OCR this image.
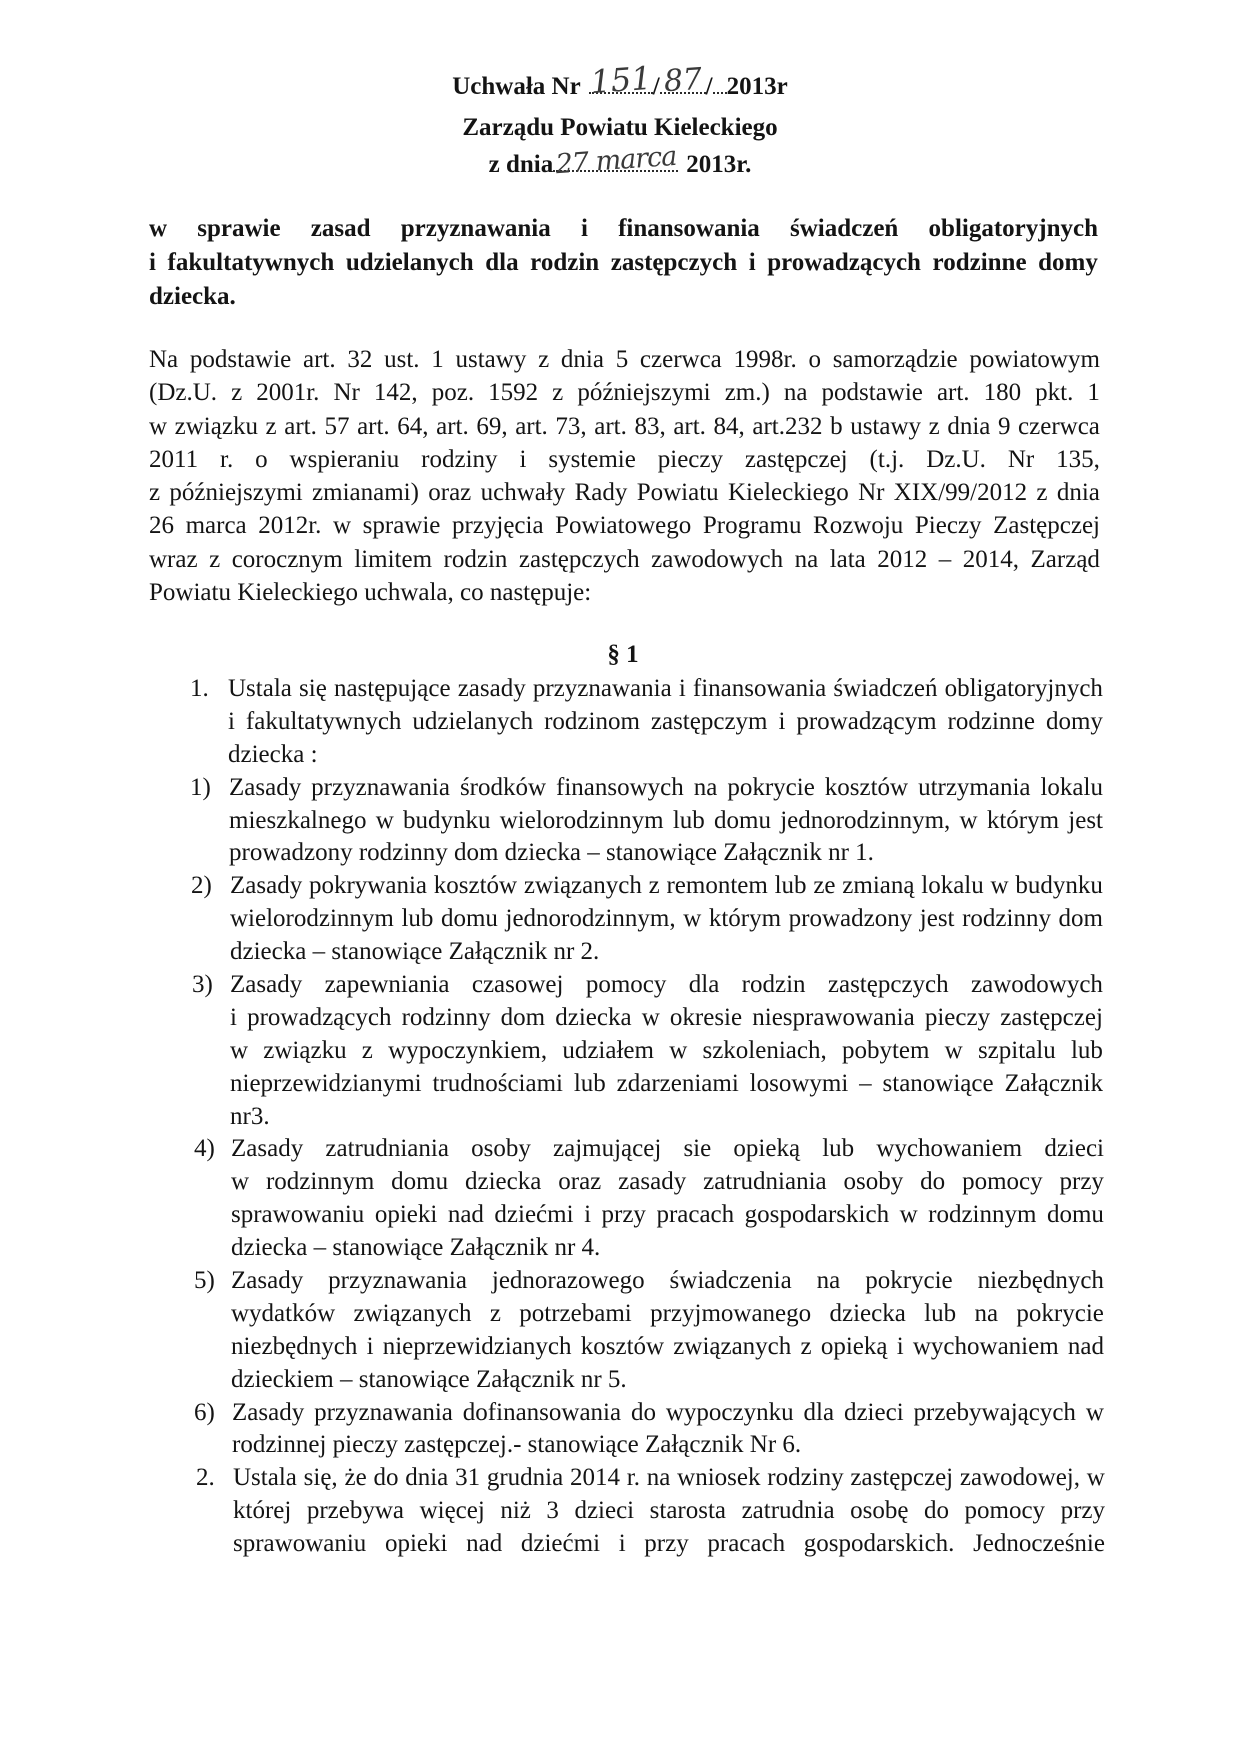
Uchwała Nr 151 / 87 / 2013r
Zarządu Powiatu Kieleckiego
z dnia 27 marca 2013r.
w sprawie zasad przyznawania i finansowania świadczeń obligatoryjnych
i fakultatywnych udzielanych dla rodzin zastępczych i prowadzących rodzinne domy
dziecka.
Na podstawie art. 32 ust. 1 ustawy z dnia 5 czerwca 1998r. o samorządzie powiatowym
(Dz.U. z 2001r. Nr 142, poz. 1592 z późniejszymi zm.) na podstawie art. 180 pkt. 1
w związku z art. 57 art. 64, art. 69, art. 73, art. 83, art. 84, art.232 b ustawy z dnia 9 czerwca
2011 r. o wspieraniu rodziny i systemie pieczy zastępczej (t.j. Dz.U. Nr 135,
z późniejszymi zmianami) oraz uchwały Rady Powiatu Kieleckiego Nr XIX/99/2012 z dnia
26 marca 2012r. w sprawie przyjęcia Powiatowego Programu Rozwoju Pieczy Zastępczej
wraz z corocznym limitem rodzin zastępczych zawodowych na lata 2012 – 2014, Zarząd
Powiatu Kieleckiego uchwala, co następuje:
§ 1
1. Ustala się następujące zasady przyznawania i finansowania świadczeń obligatoryjnych
i fakultatywnych udzielanych rodzinom zastępczym i prowadzącym rodzinne domy
dziecka :
1) Zasady przyznawania środków finansowych na pokrycie kosztów utrzymania lokalu
mieszkalnego w budynku wielorodzinnym lub domu jednorodzinnym, w którym jest
prowadzony rodzinny dom dziecka – stanowiące Załącznik nr 1.
2) Zasady pokrywania kosztów związanych z remontem lub ze zmianą lokalu w budynku
wielorodzinnym lub domu jednorodzinnym, w którym prowadzony jest rodzinny dom
dziecka – stanowiące Załącznik nr 2.
3) Zasady zapewniania czasowej pomocy dla rodzin zastępczych zawodowych
i prowadzących rodzinny dom dziecka w okresie niesprawowania pieczy zastępczej
w związku z wypoczynkiem, udziałem w szkoleniach, pobytem w szpitalu lub
nieprzewidzianymi trudnościami lub zdarzeniami losowymi – stanowiące Załącznik
nr3.
4) Zasady zatrudniania osoby zajmującej sie opieką lub wychowaniem dzieci
w rodzinnym domu dziecka oraz zasady zatrudniania osoby do pomocy przy
sprawowaniu opieki nad dziećmi i przy pracach gospodarskich w rodzinnym domu
dziecka – stanowiące Załącznik nr 4.
5) Zasady przyznawania jednorazowego świadczenia na pokrycie niezbędnych
wydatków związanych z potrzebami przyjmowanego dziecka lub na pokrycie
niezbędnych i nieprzewidzianych kosztów związanych z opieką i wychowaniem nad
dzieckiem – stanowiące Załącznik nr 5.
6) Zasady przyznawania dofinansowania do wypoczynku dla dzieci przebywających w
rodzinnej pieczy zastępczej.- stanowiące Załącznik Nr 6.
2. Ustala się, że do dnia 31 grudnia 2014 r. na wniosek rodziny zastępczej zawodowej, w
której przebywa więcej niż 3 dzieci starosta zatrudnia osobę do pomocy przy
sprawowaniu opieki nad dziećmi i przy pracach gospodarskich. Jednocześnie
